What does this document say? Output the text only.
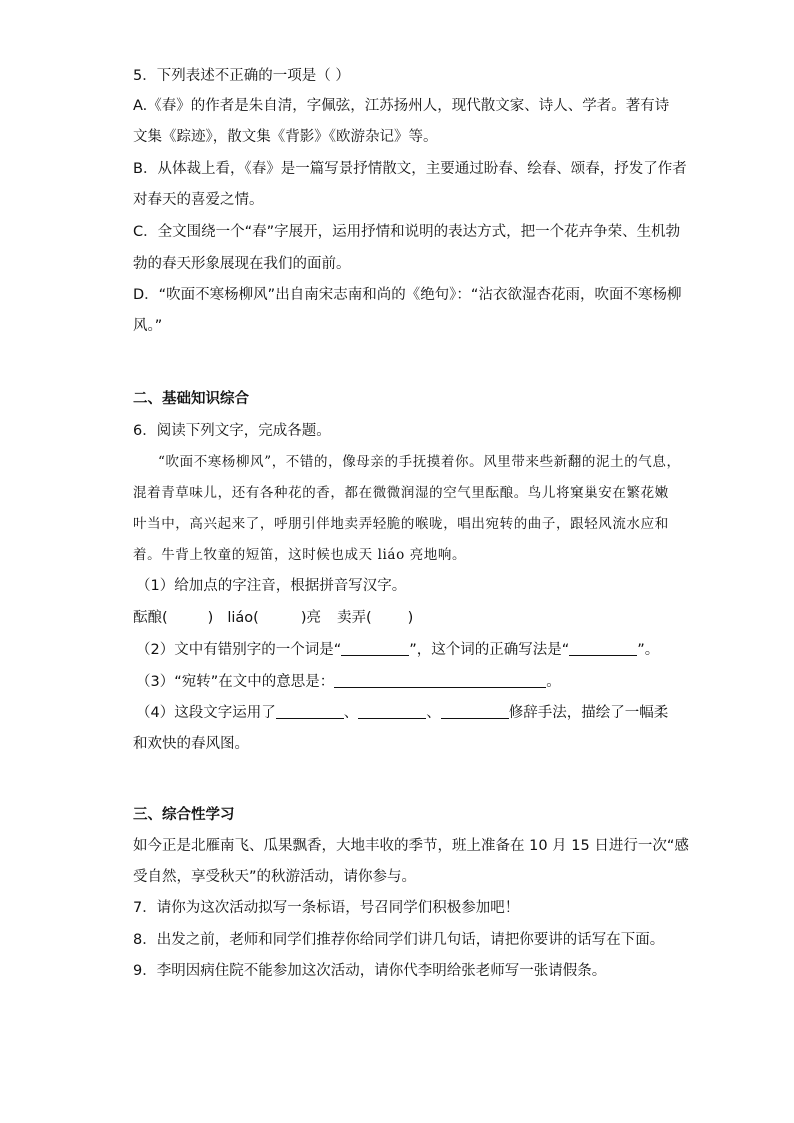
5．下列表述不正确的一项是（ ）
A.《春》的作者是朱自清，字佩弦，江苏扬州人，现代散文家、诗人、学者。著有诗
文集《踪迹》，散文集《背影》《欧游杂记》等。
B．从体裁上看，《春》是一篇写景抒情散文，主要通过盼春、绘春、颂春，抒发了作者
对春天的喜爱之情。
C．全文围绕一个“春”字展开，运用抒情和说明的表达方式，把一个花卉争荣、生机勃
勃的春天形象展现在我们的面前。
D．“吹面不寒杨柳风”出自南宋志南和尚的《绝句》：“沾衣欲湿杏花雨，吹面不寒杨柳
风。”
二、基础知识综合
6．阅读下列文字，完成各题。
“吹面不寒杨柳风”，不错的，像母亲的手抚摸着你。风里带来些新翻的泥土的气息，
混着青草味儿，还有各种花的香，都在微微润湿的空气里酝酿。鸟儿将窠巢安在繁花嫩
叶当中，高兴起来了，呼朋引伴地卖弄轻脆的喉咙，唱出宛转的曲子，跟轻风流水应和
着。牛背上牧童的短笛，这时候也成天 liáo 亮地响。
（1）给加点的字注音，根据拼音写汉字。
酝酿(	) liáo(	)亮 卖弄( )
（2）文中有错别字的一个词是“	”，这个词的正确写法是“	”。
（3）“宛转”在文中的意思是：	。
（4）这段文字运用了	、	、	修辞手法，描绘了一幅柔
和欢快的春风图。
三、综合性学习
如今正是北雁南飞、瓜果飘香，大地丰收的季节，班上准备在 10 月 15 日进行一次“感
受自然，享受秋天”的秋游活动，请你参与。
7．请你为这次活动拟写一条标语，号召同学们积极参加吧！
8．出发之前，老师和同学们推荐你给同学们讲几句话，请把你要讲的话写在下面。
9．李明因病住院不能参加这次活动，请你代李明给张老师写一张请假条。
